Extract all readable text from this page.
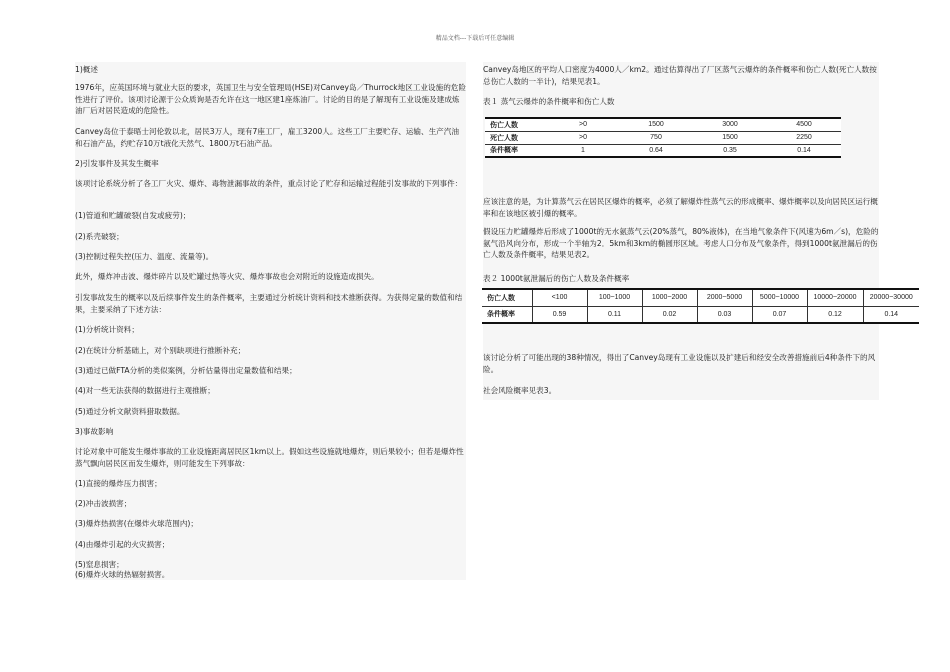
精品文档---下载后可任意编辑

1)概述

1976年，应英国环境与就业大臣的要求，英国卫生与安全管理局(HSE)对Canvey岛／Thurrock地区工业设施的危险性进行了评价。该项讨论源于公众质询是否允许在这一地区建1座炼油厂。讨论的目的是了解现有工业设施及建成炼油厂后对居民造成的危险性。

Canvey岛位于泰晤士河伦敦以北，居民3万人，现有7座工厂，雇工3200人。这些工厂主要贮存、运输、生产汽油和石油产品，约贮存10万t液化天然气、1800万t石油产品。

2)引发事件及其发生概率

该项讨论系统分析了各工厂火灾、爆炸、毒物泄漏事故的条件，重点讨论了贮存和运输过程能引发事故的下列事件：

(1)管道和贮罐破裂(自发或疲劳)；

(2)系壳破裂；

(3)控制过程失控(压力、温度、流量等)。

此外，爆炸冲击波、爆炸碎片以及贮罐过热等火灾、爆炸事故也会对附近的设施造成损失。

引发事故发生的概率以及后续事件发生的条件概率，主要通过分析统计资料和技术推断获得。为获得定量的数值和结果，主要采纳了下述方法：

(1)分析统计资料；

(2)在统计分析基础上，对个别缺项进行推断补充；

(3)通过已做FTA分析的类似案例，分析估量得出定量数值和结果；

(4)对一些无法获得的数据进行主观推断；

(5)通过分析文献资料猎取数据。

3)事故影响

讨论对象中可能发生爆炸事故的工业设施距离居民区1km以上。假如这些设施就地爆炸，则后果较小；但若是爆炸性蒸气飘向居民区而发生爆炸，则可能发生下列事故：

(1)直接的爆炸压力损害；

(2)冲击波损害；

(3)爆炸热损害(在爆炸火球范围内)；

(4)由爆炸引起的火灾损害；

(5)窒息损害；

(6)爆炸火球的热辐射损害。

Canvey岛地区的平均人口密度为4000人／km2。通过估算得出了厂区蒸气云爆炸的条件概率和伤亡人数(死亡人数按总伤亡人数的一半计)，结果见表1。

表１ 蒸气云爆炸的条件概率和伤亡人数
伤亡人数	>0	1500	3000	4500
死亡人数	>0	750	1500	2250
条件概率	1	0.64	0.35	0.14

应该注意的是，为计算蒸气云在居民区爆炸的概率，必须了解爆炸性蒸气云的形成概率、爆炸概率以及向居民区运行概率和在该地区被引爆的概率。

假设压力贮罐爆炸后形成了1000t的无水氨蒸气云(20%蒸气，80%液体)，在当地气象条件下(风速为6m／s)，危险的氨气沿风向分布，形成一个半轴为2．5km和3km的椭圆形区域。考虑人口分布及气象条件，得到1000t氨泄漏后的伤亡人数及条件概率，结果见表2。

表２ 1000t氨泄漏后的伤亡人数及条件概率
伤亡人数	<100	100~1000	1000~2000	2000~5000	5000~10000	10000~20000	20000~30000
条件概率	0.59	0.11	0.02	0.03	0.07	0.12	0.14

该讨论分析了可能出现的38种情况，得出了Canvey岛现有工业设施以及扩建后和经安全改善措施前后4种条件下的风险。

社会风险概率见表3。
